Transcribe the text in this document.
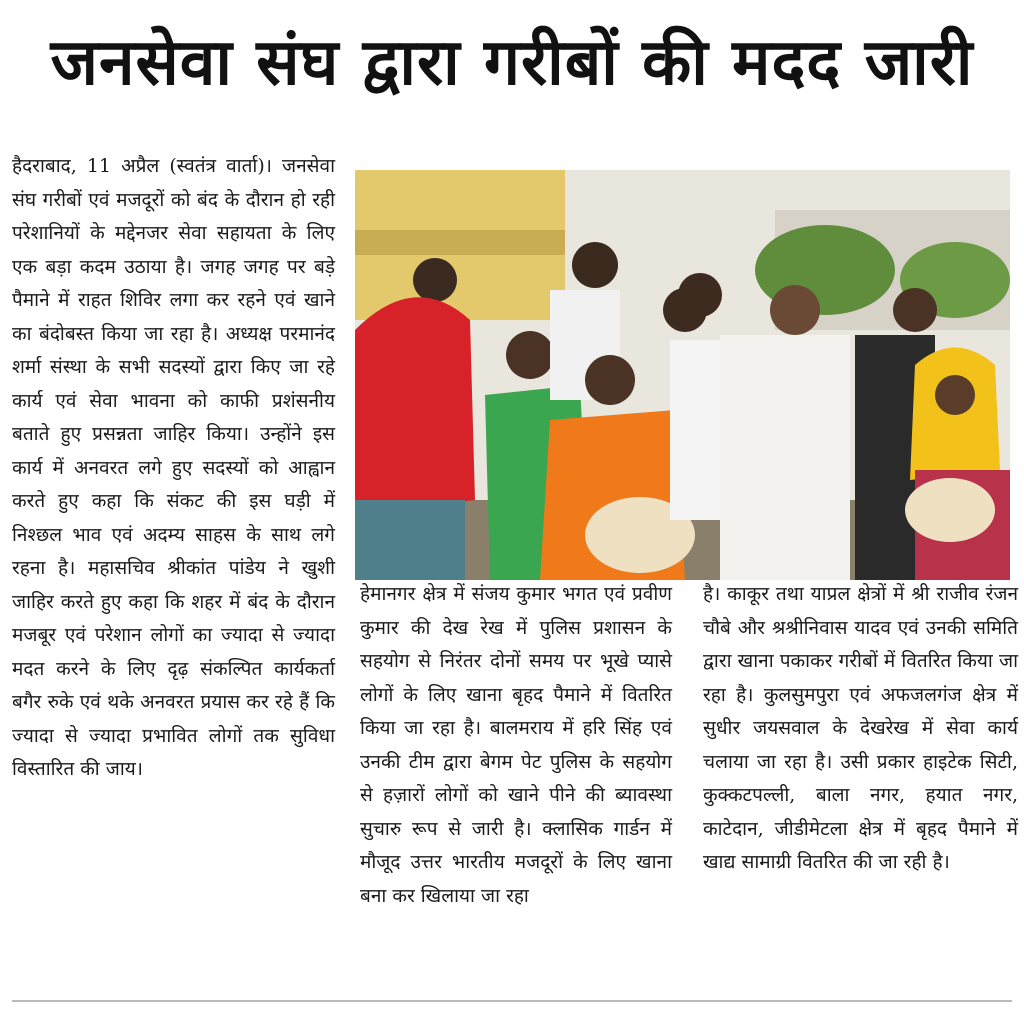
जनसेवा संघ द्वारा गरीबों की मदद जारी

हैदराबाद, 11 अप्रैल (स्वतंत्र वार्ता)। जनसेवा संघ गरीबों एवं मजदूरों को बंद के दौरान हो रही परेशानियों के मद्देनजर सेवा सहायता के लिए एक बड़ा कदम उठाया है। जगह जगह पर बड़े पैमाने में राहत शिविर लगा कर रहने एवं खाने का बंदोबस्त किया जा रहा है। अध्यक्ष परमानंद शर्मा संस्था के सभी सदस्यों द्वारा किए जा रहे कार्य एवं सेवा भावना को काफी प्रशंसनीय बताते हुए प्रसन्नता जाहिर किया। उन्होंने इस कार्य में अनवरत लगे हुए सदस्यों को आह्वान करते हुए कहा कि संकट की इस घड़ी में निश्छल भाव एवं अदम्य साहस के साथ लगे रहना है। महासचिव श्रीकांत पांडेय ने खुशी जाहिर करते हुए कहा कि शहर में बंद के दौरान मजबूर एवं परेशान लोगों का ज्यादा से ज्यादा मदत करने के लिए दृढ़ संकल्पित कार्यकर्ता बगैर रुके एवं थके अनवरत प्रयास कर रहे हैं कि ज्यादा से ज्यादा प्रभावित लोगों तक सुविधा विस्तारित की जाय।

हेमानगर क्षेत्र में संजय कुमार भगत एवं प्रवीण कुमार की देख रेख में पुलिस प्रशासन के सहयोग से निरंतर दोनों समय पर भूखे प्यासे लोगों के लिए खाना बृहद पैमाने में वितरित किया जा रहा है। बालमराय में हरि सिंह एवं उनकी टीम द्वारा बेगम पेट पुलिस के सहयोग से हज़ारों लोगों को खाने पीने की ब्यावस्था सुचारु रूप से जारी है। क्लासिक गार्डन में मौजूद उत्तर भारतीय मजदूरों के लिए खाना बना कर खिलाया जा रहा

है। काकूर तथा याप्रल क्षेत्रों में श्री राजीव रंजन चौबे और श्रश्रीनिवास यादव एवं उनकी समिति द्वारा खाना पकाकर गरीबों में वितरित किया जा रहा है। कुलसुमपुरा एवं अफजलगंज क्षेत्र में सुधीर जयसवाल के देखरेख में सेवा कार्य चलाया जा रहा है। उसी प्रकार हाइटेक सिटी, कुक्कटपल्ली, बाला नगर, हयात नगर, काटेदान, जीडीमेटला क्षेत्र में बृहद पैमाने में खाद्य सामाग्री वितरित की जा रही है।
